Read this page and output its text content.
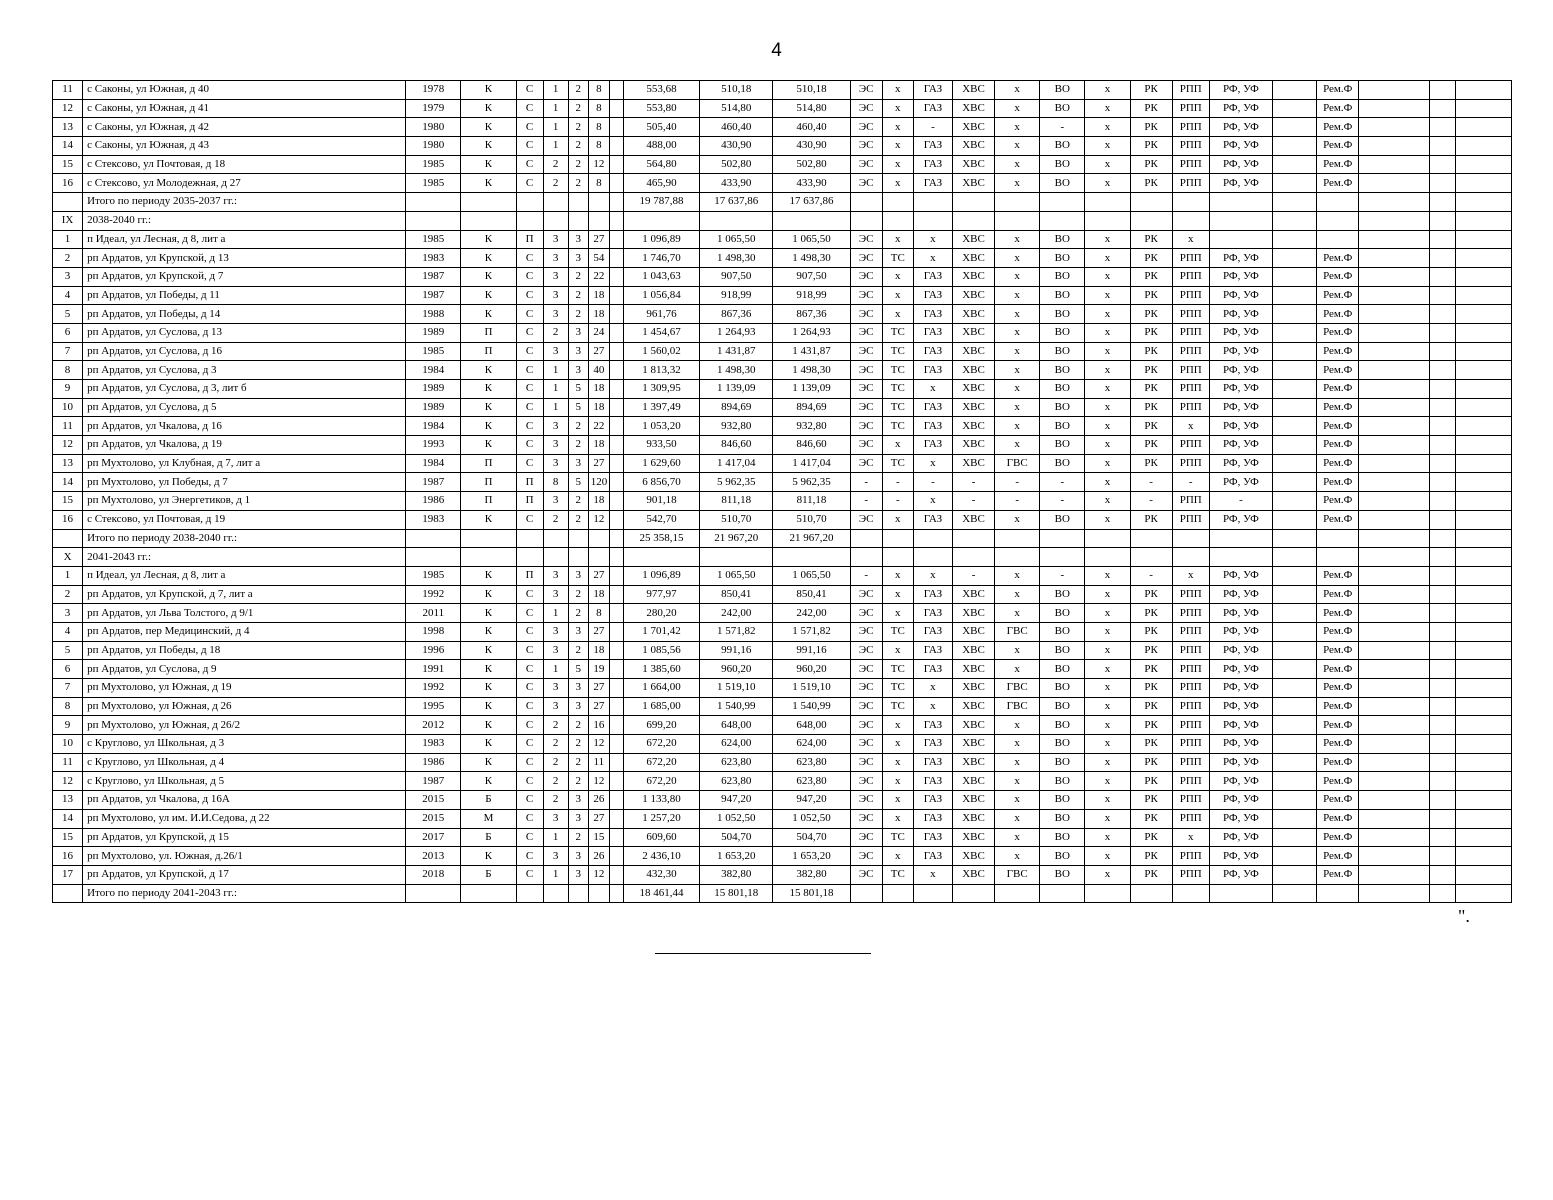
4
11	с Саконы, ул Южная, д 40	1978	К	С	1	2	8		553,68	510,18	510,18	ЭС	х	ГАЗ	ХВС	х	ВО	х	РК	РПП	РФ, УФ		Рем.Ф			
12	с Саконы, ул Южная, д 41	1979	К	С	1	2	8		553,80	514,80	514,80	ЭС	х	ГАЗ	ХВС	х	ВО	х	РК	РПП	РФ, УФ		Рем.Ф			
13	с Саконы, ул Южная, д 42	1980	К	С	1	2	8		505,40	460,40	460,40	ЭС	х	-	ХВС	х	-	х	РК	РПП	РФ, УФ		Рем.Ф			
14	с Саконы, ул Южная, д 43	1980	К	С	1	2	8		488,00	430,90	430,90	ЭС	х	ГАЗ	ХВС	х	ВО	х	РК	РПП	РФ, УФ		Рем.Ф			
15	с Стексово, ул Почтовая, д 18	1985	К	С	2	2	12		564,80	502,80	502,80	ЭС	х	ГАЗ	ХВС	х	ВО	х	РК	РПП	РФ, УФ		Рем.Ф			
16	с Стексово, ул Молодежная, д 27	1985	К	С	2	2	8		465,90	433,90	433,90	ЭС	х	ГАЗ	ХВС	х	ВО	х	РК	РПП	РФ, УФ		Рем.Ф			
	Итого по периоду 2035-2037 гг.:								19 787,88	17 637,86	17 637,86															
IX	2038-2040 гг.:																									
1	п Идеал, ул Лесная, д 8, лит а	1985	К	П	3	3	27		1 096,89	1 065,50	1 065,50	ЭС	х	х	ХВС	х	ВО	х	РК	х						
2	рп Ардатов, ул Крупской, д 13	1983	К	С	3	3	54		1 746,70	1 498,30	1 498,30	ЭС	ТС	х	ХВС	х	ВО	х	РК	РПП	РФ, УФ		Рем.Ф			
3	рп Ардатов, ул Крупской, д 7	1987	К	С	3	2	22		1 043,63	907,50	907,50	ЭС	х	ГАЗ	ХВС	х	ВО	х	РК	РПП	РФ, УФ		Рем.Ф			
4	рп Ардатов, ул Победы, д 11	1987	К	С	3	2	18		1 056,84	918,99	918,99	ЭС	х	ГАЗ	ХВС	х	ВО	х	РК	РПП	РФ, УФ		Рем.Ф			
5	рп Ардатов, ул Победы, д 14	1988	К	С	3	2	18		961,76	867,36	867,36	ЭС	х	ГАЗ	ХВС	х	ВО	х	РК	РПП	РФ, УФ		Рем.Ф			
6	рп Ардатов, ул Суслова, д 13	1989	П	С	2	3	24		1 454,67	1 264,93	1 264,93	ЭС	ТС	ГАЗ	ХВС	х	ВО	х	РК	РПП	РФ, УФ		Рем.Ф			
7	рп Ардатов, ул Суслова, д 16	1985	П	С	3	3	27		1 560,02	1 431,87	1 431,87	ЭС	ТС	ГАЗ	ХВС	х	ВО	х	РК	РПП	РФ, УФ		Рем.Ф			
8	рп Ардатов, ул Суслова, д 3	1984	К	С	1	3	40		1 813,32	1 498,30	1 498,30	ЭС	ТС	ГАЗ	ХВС	х	ВО	х	РК	РПП	РФ, УФ		Рем.Ф			
9	рп Ардатов, ул Суслова, д 3, лит б	1989	К	С	1	5	18		1 309,95	1 139,09	1 139,09	ЭС	ТС	х	ХВС	х	ВО	х	РК	РПП	РФ, УФ		Рем.Ф			
10	рп Ардатов, ул Суслова, д 5	1989	К	С	1	5	18		1 397,49	894,69	894,69	ЭС	ТС	ГАЗ	ХВС	х	ВО	х	РК	РПП	РФ, УФ		Рем.Ф			
11	рп Ардатов, ул Чкалова, д 16	1984	К	С	3	2	22		1 053,20	932,80	932,80	ЭС	ТС	ГАЗ	ХВС	х	ВО	х	РК	х	РФ, УФ		Рем.Ф			
12	рп Ардатов, ул Чкалова, д 19	1993	К	С	3	2	18		933,50	846,60	846,60	ЭС	х	ГАЗ	ХВС	х	ВО	х	РК	РПП	РФ, УФ		Рем.Ф			
13	рп Мухтолово, ул Клубная, д 7, лит а	1984	П	С	3	3	27		1 629,60	1 417,04	1 417,04	ЭС	ТС	х	ХВС	ГВС	ВО	х	РК	РПП	РФ, УФ		Рем.Ф			
14	рп Мухтолово, ул Победы, д 7	1987	П	П	8	5	120		6 856,70	5 962,35	5 962,35	-	-	-	-	-	-	х	-	-	РФ, УФ		Рем.Ф			
15	рп Мухтолово, ул Энергетиков, д 1	1986	П	П	3	2	18		901,18	811,18	811,18	-	-	х	-	-	-	х	-	РПП	-		Рем.Ф			
16	с Стексово, ул Почтовая, д 19	1983	К	С	2	2	12		542,70	510,70	510,70	ЭС	х	ГАЗ	ХВС	х	ВО	х	РК	РПП	РФ, УФ		Рем.Ф			
	Итого по периоду 2038-2040 гг.:								25 358,15	21 967,20	21 967,20															
X	2041-2043 гг.:																									
1	п Идеал, ул Лесная, д 8, лит а	1985	К	П	3	3	27		1 096,89	1 065,50	1 065,50	-	х	х	-	х	-	х	-	х	РФ, УФ		Рем.Ф			
2	рп Ардатов, ул Крупской, д 7, лит а	1992	К	С	3	2	18		977,97	850,41	850,41	ЭС	х	ГАЗ	ХВС	х	ВО	х	РК	РПП	РФ, УФ		Рем.Ф			
3	рп Ардатов, ул Льва Толстого, д 9/1	2011	К	С	1	2	8		280,20	242,00	242,00	ЭС	х	ГАЗ	ХВС	х	ВО	х	РК	РПП	РФ, УФ		Рем.Ф			
4	рп Ардатов, пер Медицинский, д 4	1998	К	С	3	3	27		1 701,42	1 571,82	1 571,82	ЭС	ТС	ГАЗ	ХВС	ГВС	ВО	х	РК	РПП	РФ, УФ		Рем.Ф			
5	рп Ардатов, ул Победы, д 18	1996	К	С	3	2	18		1 085,56	991,16	991,16	ЭС	х	ГАЗ	ХВС	х	ВО	х	РК	РПП	РФ, УФ		Рем.Ф			
6	рп Ардатов, ул Суслова, д 9	1991	К	С	1	5	19		1 385,60	960,20	960,20	ЭС	ТС	ГАЗ	ХВС	х	ВО	х	РК	РПП	РФ, УФ		Рем.Ф			
7	рп Мухтолово, ул Южная, д 19	1992	К	С	3	3	27		1 664,00	1 519,10	1 519,10	ЭС	ТС	х	ХВС	ГВС	ВО	х	РК	РПП	РФ, УФ		Рем.Ф			
8	рп Мухтолово, ул Южная, д 26	1995	К	С	3	3	27		1 685,00	1 540,99	1 540,99	ЭС	ТС	х	ХВС	ГВС	ВО	х	РК	РПП	РФ, УФ		Рем.Ф			
9	рп Мухтолово, ул Южная, д 26/2	2012	К	С	2	2	16		699,20	648,00	648,00	ЭС	х	ГАЗ	ХВС	х	ВО	х	РК	РПП	РФ, УФ		Рем.Ф			
10	с Круглово, ул Школьная, д 3	1983	К	С	2	2	12		672,20	624,00	624,00	ЭС	х	ГАЗ	ХВС	х	ВО	х	РК	РПП	РФ, УФ		Рем.Ф			
11	с Круглово, ул Школьная, д 4	1986	К	С	2	2	11		672,20	623,80	623,80	ЭС	х	ГАЗ	ХВС	х	ВО	х	РК	РПП	РФ, УФ		Рем.Ф			
12	с Круглово, ул Школьная, д 5	1987	К	С	2	2	12		672,20	623,80	623,80	ЭС	х	ГАЗ	ХВС	х	ВО	х	РК	РПП	РФ, УФ		Рем.Ф			
13	рп Ардатов, ул Чкалова, д 16А	2015	Б	С	2	3	26		1 133,80	947,20	947,20	ЭС	х	ГАЗ	ХВС	х	ВО	х	РК	РПП	РФ, УФ		Рем.Ф			
14	рп Мухтолово, ул им. И.И.Седова, д 22	2015	М	С	3	3	27		1 257,20	1 052,50	1 052,50	ЭС	х	ГАЗ	ХВС	х	ВО	х	РК	РПП	РФ, УФ		Рем.Ф			
15	рп Ардатов, ул Крупской, д 15	2017	Б	С	1	2	15		609,60	504,70	504,70	ЭС	ТС	ГАЗ	ХВС	х	ВО	х	РК	х	РФ, УФ		Рем.Ф			
16	рп Мухтолово, ул. Южная, д.26/1	2013	К	С	3	3	26		2 436,10	1 653,20	1 653,20	ЭС	х	ГАЗ	ХВС	х	ВО	х	РК	РПП	РФ, УФ		Рем.Ф			
17	рп Ардатов, ул Крупской, д 17	2018	Б	С	1	3	12		432,30	382,80	382,80	ЭС	ТС	х	ХВС	ГВС	ВО	х	РК	РПП	РФ, УФ		Рем.Ф			
	Итого по периоду 2041-2043 гг.:								18 461,44	15 801,18	15 801,18															
".
